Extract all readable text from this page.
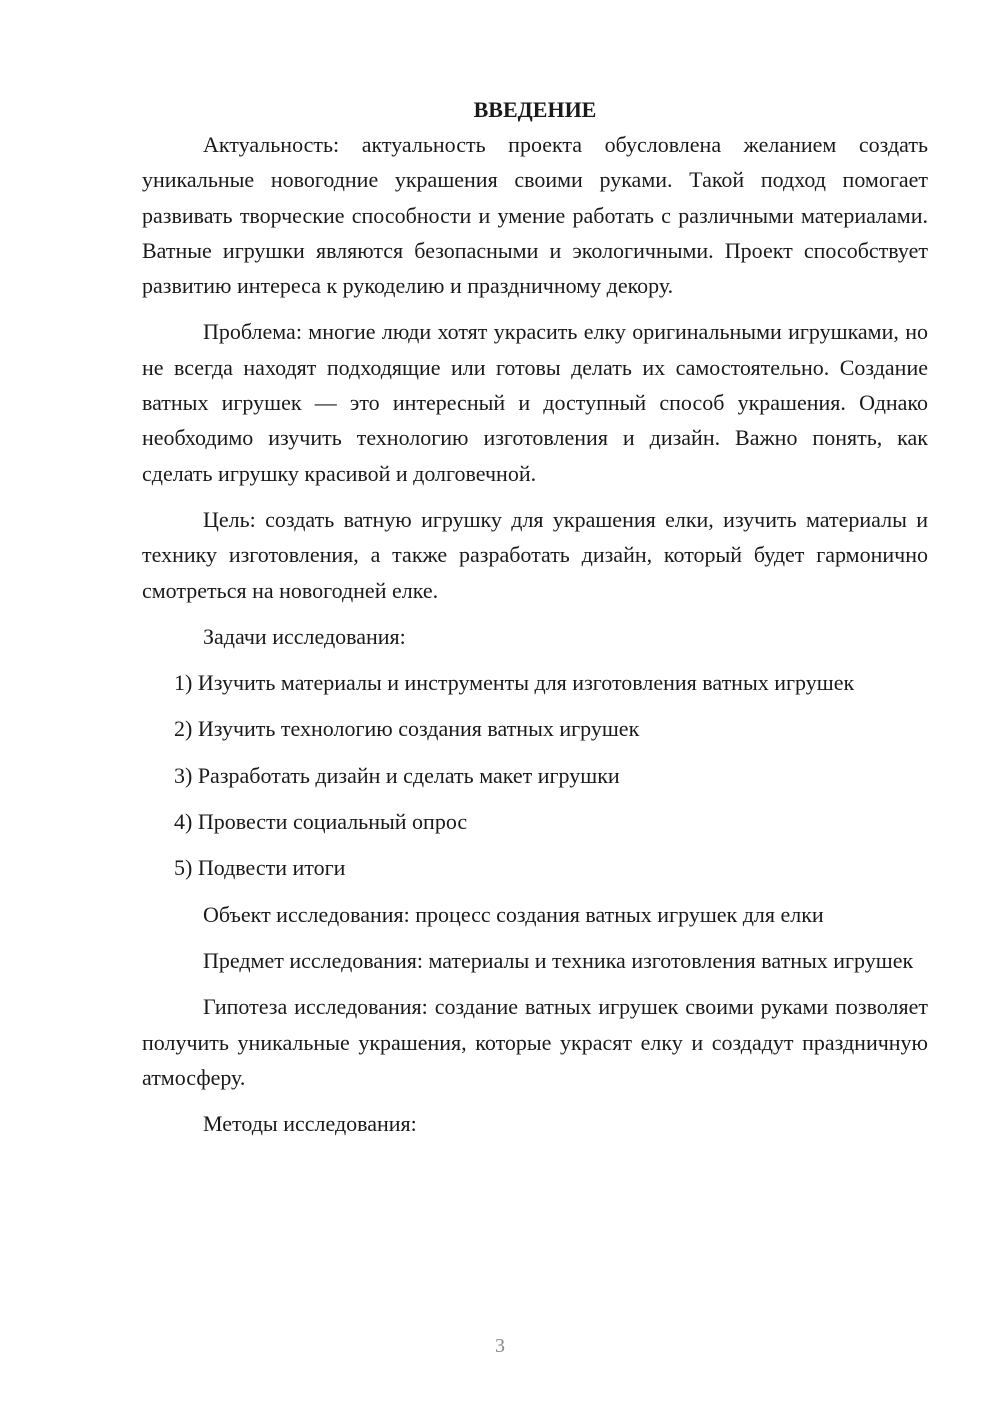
ВВЕДЕНИЕ

Актуальность: актуальность проекта обусловлена желанием создать уникальные новогодние украшения своими руками. Такой подход помогает развивать творческие способности и умение работать с различными материалами. Ватные игрушки являются безопасными и экологичными. Проект способствует развитию интереса к рукоделию и праздничному декору.

Проблема: многие люди хотят украсить елку оригинальными игрушками, но не всегда находят подходящие или готовы делать их самостоятельно. Создание ватных игрушек — это интересный и доступный способ украшения. Однако необходимо изучить технологию изготовления и дизайн. Важно понять, как сделать игрушку красивой и долговечной.

Цель: создать ватную игрушку для украшения елки, изучить материалы и технику изготовления, а также разработать дизайн, который будет гармонично смотреться на новогодней елке.

Задачи исследования:

1) Изучить материалы и инструменты для изготовления ватных игрушек

2) Изучить технологию создания ватных игрушек

3) Разработать дизайн и сделать макет игрушки

4) Провести социальный опрос

5) Подвести итоги

Объект исследования: процесс создания ватных игрушек для елки

Предмет исследования: материалы и техника изготовления ватных игрушек

Гипотеза исследования: создание ватных игрушек своими руками позволяет получить уникальные украшения, которые украсят елку и создадут праздничную атмосферу.

Методы исследования:

3
